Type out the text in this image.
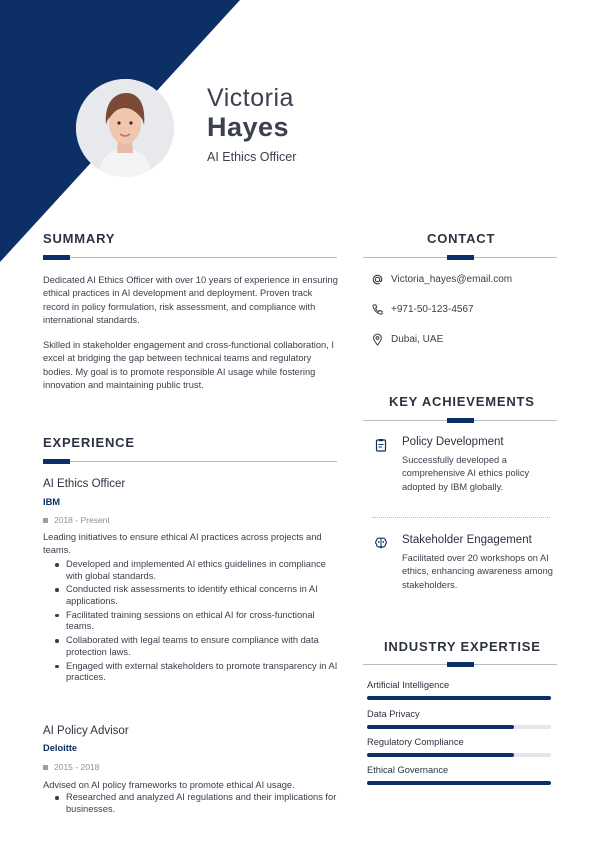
Victoria
Hayes
AI Ethics Officer
SUMMARY

Dedicated AI Ethics Officer with over 10 years of experience in ensuring ethical practices in AI development and deployment. Proven track record in policy formulation, risk assessment, and compliance with international standards.

Skilled in stakeholder engagement and cross-functional collaboration, I excel at bridging the gap between technical teams and regulatory bodies. My goal is to promote responsible AI usage while fostering innovation and maintaining public trust.

CONTACT
Victoria_hayes@email.com
+971-50-123-4567
Dubai, UAE
KEY ACHIEVEMENTS
Policy Development

Successfully developed a comprehensive AI ethics policy adopted by IBM globally.

Stakeholder Engagement

Facilitated over 20 workshops on AI ethics, enhancing awareness among stakeholders.

INDUSTRY EXPERTISE
Artificial Intelligence
Data Privacy
Regulatory Compliance
Ethical Governance
EXPERIENCE
AI Ethics Officer
IBM
2018 - Present

Leading initiatives to ensure ethical AI practices across projects and teams.

Developed and implemented AI ethics guidelines in compliance with global standards.
Conducted risk assessments to identify ethical concerns in AI applications.
Facilitated training sessions on ethical AI for cross-functional teams.
Collaborated with legal teams to ensure compliance with data protection laws.
Engaged with external stakeholders to promote transparency in AI practices.
AI Policy Advisor
Deloitte
2015 - 2018

Advised on AI policy frameworks to promote ethical AI usage.

Researched and analyzed AI regulations and their implications for businesses.
